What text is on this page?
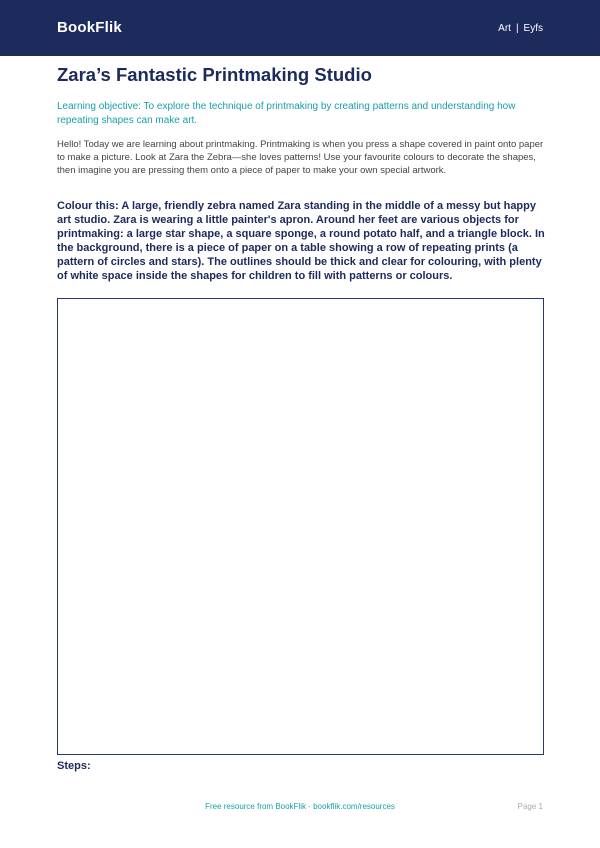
BookFlik	Art | Eyfs
Zara’s Fantastic Printmaking Studio

Learning objective: To explore the technique of printmaking by creating patterns and understanding how repeating shapes can make art.

Hello! Today we are learning about printmaking. Printmaking is when you press a shape covered in paint onto paper to make a picture. Look at Zara the Zebra—she loves patterns! Use your favourite colours to decorate the shapes, then imagine you are pressing them onto a piece of paper to make your own special artwork.

Colour this: A large, friendly zebra named Zara standing in the middle of a messy but happy art studio. Zara is wearing a little painter's apron. Around her feet are various objects for printmaking: a large star shape, a square sponge, a round potato half, and a triangle block. In the background, there is a piece of paper on a table showing a row of repeating prints (a pattern of circles and stars). The outlines should be thick and clear for colouring, with plenty of white space inside the shapes for children to fill with patterns or colours.

Steps:

Free resource from BookFlik · bookflik.com/resources	Page 1
